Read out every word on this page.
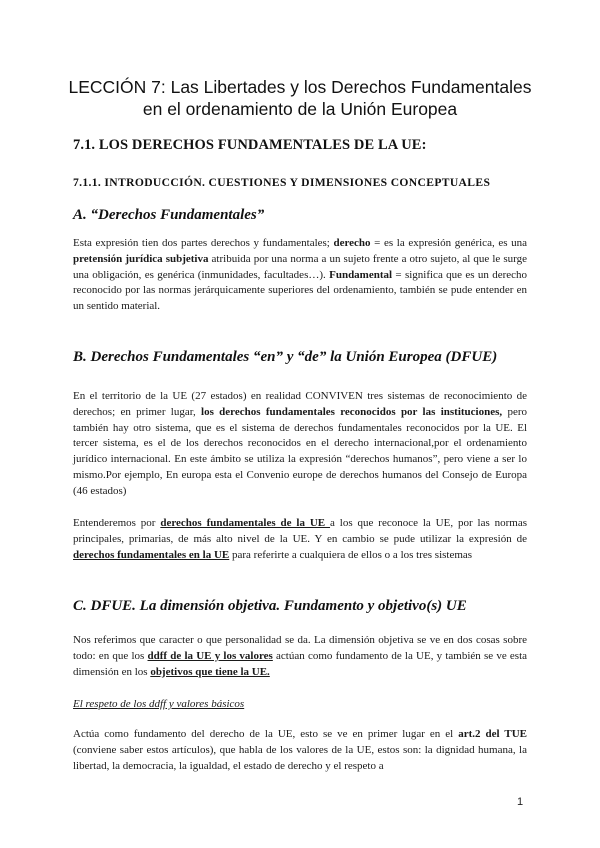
LECCIÓN 7: Las Libertades y los Derechos Fundamentales
en el ordenamiento de la Unión Europea
7.1. LOS DERECHOS FUNDAMENTALES DE LA UE:
7.1.1. INTRODUCCIÓN. CUESTIONES Y DIMENSIONES CONCEPTUALES
A. “Derechos Fundamentales”
Esta expresión tien dos partes derechos y fundamentales; derecho = es la expresión genérica, es una pretensión jurídica subjetiva atribuida por una norma a un sujeto frente a otro sujeto, al que le surge una obligación, es genérica (inmunidades, facultades…). Fundamental = significa que es un derecho reconocido por las normas jerárquicamente superiores del ordenamiento, también se pude entender en un sentido material.
B. Derechos Fundamentales “en” y “de” la Unión Europea (DFUE)
En el territorio de la UE (27 estados) en realidad CONVIVEN tres sistemas de reconocimiento de derechos; en primer lugar, los derechos fundamentales reconocidos por las instituciones, pero también hay otro sistema, que es el sistema de derechos fundamentales reconocidos por la UE. El tercer sistema, es el de los derechos reconocidos en el derecho internacional,por el ordenamiento jurídico internacional. En este ámbito se utiliza la expresión “derechos humanos”, pero viene a ser lo mismo.Por ejemplo, En europa esta el Convenio europe de derechos humanos del Consejo de Europa (46 estados)
Entenderemos por derechos fundamentales de la UE a los que reconoce la UE, por las normas principales, primarias, de más alto nivel de la UE. Y en cambio se pude utilizar la expresión de derechos fundamentales en la UE para referirte a cualquiera de ellos o a los tres sistemas
C. DFUE. La dimensión objetiva. Fundamento y objetivo(s) UE
Nos referimos que caracter o que personalidad se da. La dimensión objetiva se ve en dos cosas sobre todo: en que los ddff de la UE y los valores actúan como fundamento de la UE, y también se ve esta dimensión en los objetivos que tiene la UE.
El respeto de los ddff y valores básicos
Actúa como fundamento del derecho de la UE, esto se ve en primer lugar en el art.2 del TUE (conviene saber estos artículos), que habla de los valores de la UE, estos son: la dignidad humana, la libertad, la democracia, la igualdad, el estado de derecho y el respeto a
1
